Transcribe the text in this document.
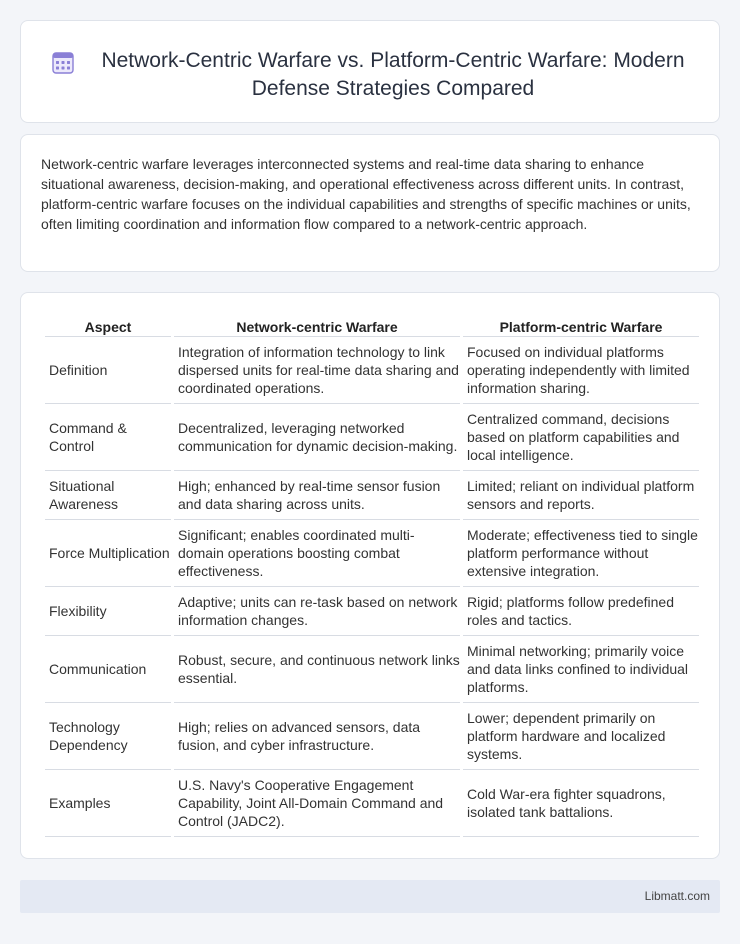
Network-Centric Warfare vs. Platform-Centric Warfare: Modern Defense Strategies Compared

Network-centric warfare leverages interconnected systems and real-time data sharing to enhance situational awareness, decision-making, and operational effectiveness across different units. In contrast, platform-centric warfare focuses on the individual capabilities and strengths of specific machines or units, often limiting coordination and information flow compared to a network-centric approach.

Aspect	Network-centric Warfare	Platform-centric Warfare
Definition	Integration of information technology to link dispersed units for real-time data sharing and coordinated operations.	Focused on individual platforms operating independently with limited information sharing.
Command & Control	Decentralized, leveraging networked communication for dynamic decision-making.	Centralized command, decisions based on platform capabilities and local intelligence.
Situational Awareness	High; enhanced by real-time sensor fusion and data sharing across units.	Limited; reliant on individual platform sensors and reports.
Force Multiplication	Significant; enables coordinated multi-domain operations boosting combat effectiveness.	Moderate; effectiveness tied to single platform performance without extensive integration.
Flexibility	Adaptive; units can re-task based on network information changes.	Rigid; platforms follow predefined roles and tactics.
Communication	Robust, secure, and continuous network links essential.	Minimal networking; primarily voice and data links confined to individual platforms.
Technology Dependency	High; relies on advanced sensors, data fusion, and cyber infrastructure.	Lower; dependent primarily on platform hardware and localized systems.
Examples	U.S. Navy's Cooperative Engagement Capability, Joint All-Domain Command and Control (JADC2).	Cold War-era fighter squadrons, isolated tank battalions.
Libmatt.com
